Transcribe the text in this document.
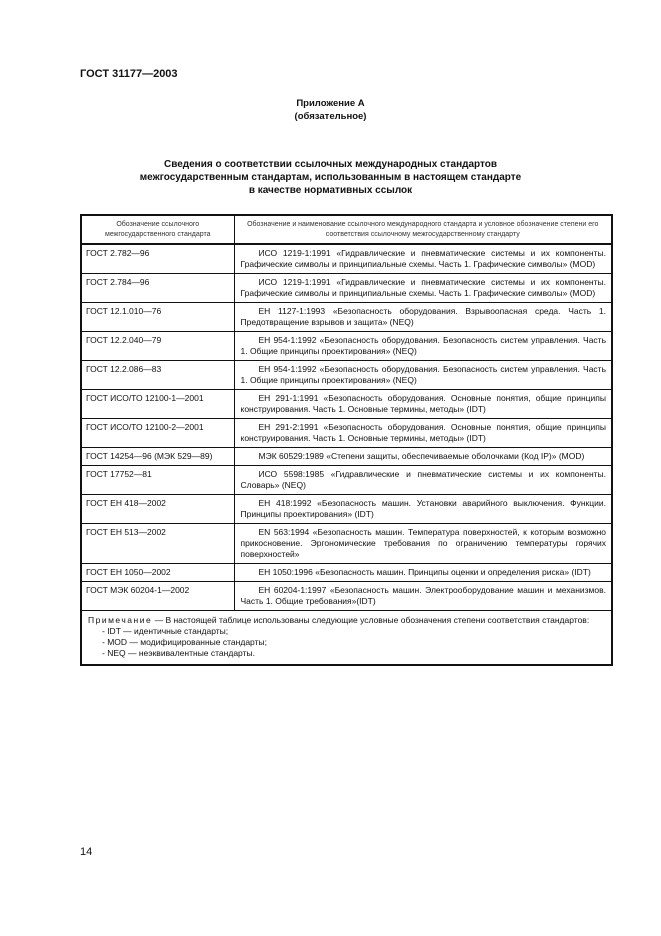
ГОСТ 31177—2003
Приложение А
(обязательное)
Сведения о соответствии ссылочных международных стандартов
межгосударственным стандартам, использованным в настоящем стандарте
в качестве нормативных ссылок
Обозначение ссылочного межгосударственного стандарта	Обозначение и наименование ссылочного международного стандарта и условное обозначение степени его соответствия ссылочному межгосударственному стандарту
ГОСТ 2.782—96	ИСО 1219-1:1991 «Гидравлические и пневматические системы и их компоненты. Графические символы и принципиальные схемы. Часть 1. Графические символы» (MOD)
ГОСТ 2.784—96	ИСО 1219-1:1991 «Гидравлические и пневматические системы и их компоненты. Графические символы и принципиальные схемы. Часть 1. Графические символы» (MOD)
ГОСТ 12.1.010—76	ЕН 1127-1:1993 «Безопасность оборудования. Взрывоопасная среда. Часть 1. Предотвращение взрывов и защита» (NEQ)
ГОСТ 12.2.040—79	ЕН 954-1:1992 «Безопасность оборудования. Безопасность систем управления. Часть 1. Общие принципы проектирования» (NEQ)
ГОСТ 12.2.086—83	ЕН 954-1:1992 «Безопасность оборудования. Безопасность систем управления. Часть 1. Общие принципы проектирования» (NEQ)
ГОСТ ИСО/ТО 12100-1—2001	ЕН 291-1:1991 «Безопасность оборудования. Основные понятия, общие принципы конструирования. Часть 1. Основные термины, методы» (IDT)
ГОСТ ИСО/ТО 12100-2—2001	ЕН 291-2:1991 «Безопасность оборудования. Основные понятия, общие принципы конструирования. Часть 1. Основные термины, методы» (IDT)
ГОСТ 14254—96 (МЭК 529—89)	МЭК 60529:1989 «Степени защиты, обеспечиваемые оболочками (Код IP)» (MOD)
ГОСТ 17752—81	ИСО 5598:1985 «Гидравлические и пневматические системы и их компоненты. Словарь» (NEQ)
ГОСТ ЕН 418—2002	ЕН 418:1992 «Безопасность машин. Установки аварийного выключения. Функции. Принципы проектирования» (IDT)
ГОСТ ЕН 513—2002	EN 563:1994 «Безопасность машин. Температура поверхностей, к которым возможно прикосновение. Эргономические требования по ограничению температуры горячих поверхностей»
ГОСТ ЕН 1050—2002	ЕН 1050:1996 «Безопасность машин. Принципы оценки и определения риска» (IDT)
ГОСТ МЭК 60204-1—2002	ЕН 60204-1:1997 «Безопасность машин. Электрооборудование машин и механизмов. Часть 1. Общие требования»(IDT)

Примечание — В настоящей таблице использованы следующие условные обозначения степени соответствия стандартов:
- IDT — идентичные стандарты;
- MOD — модифицированные стандарты;
- NEQ — неэквивалентные стандарты.	
14
